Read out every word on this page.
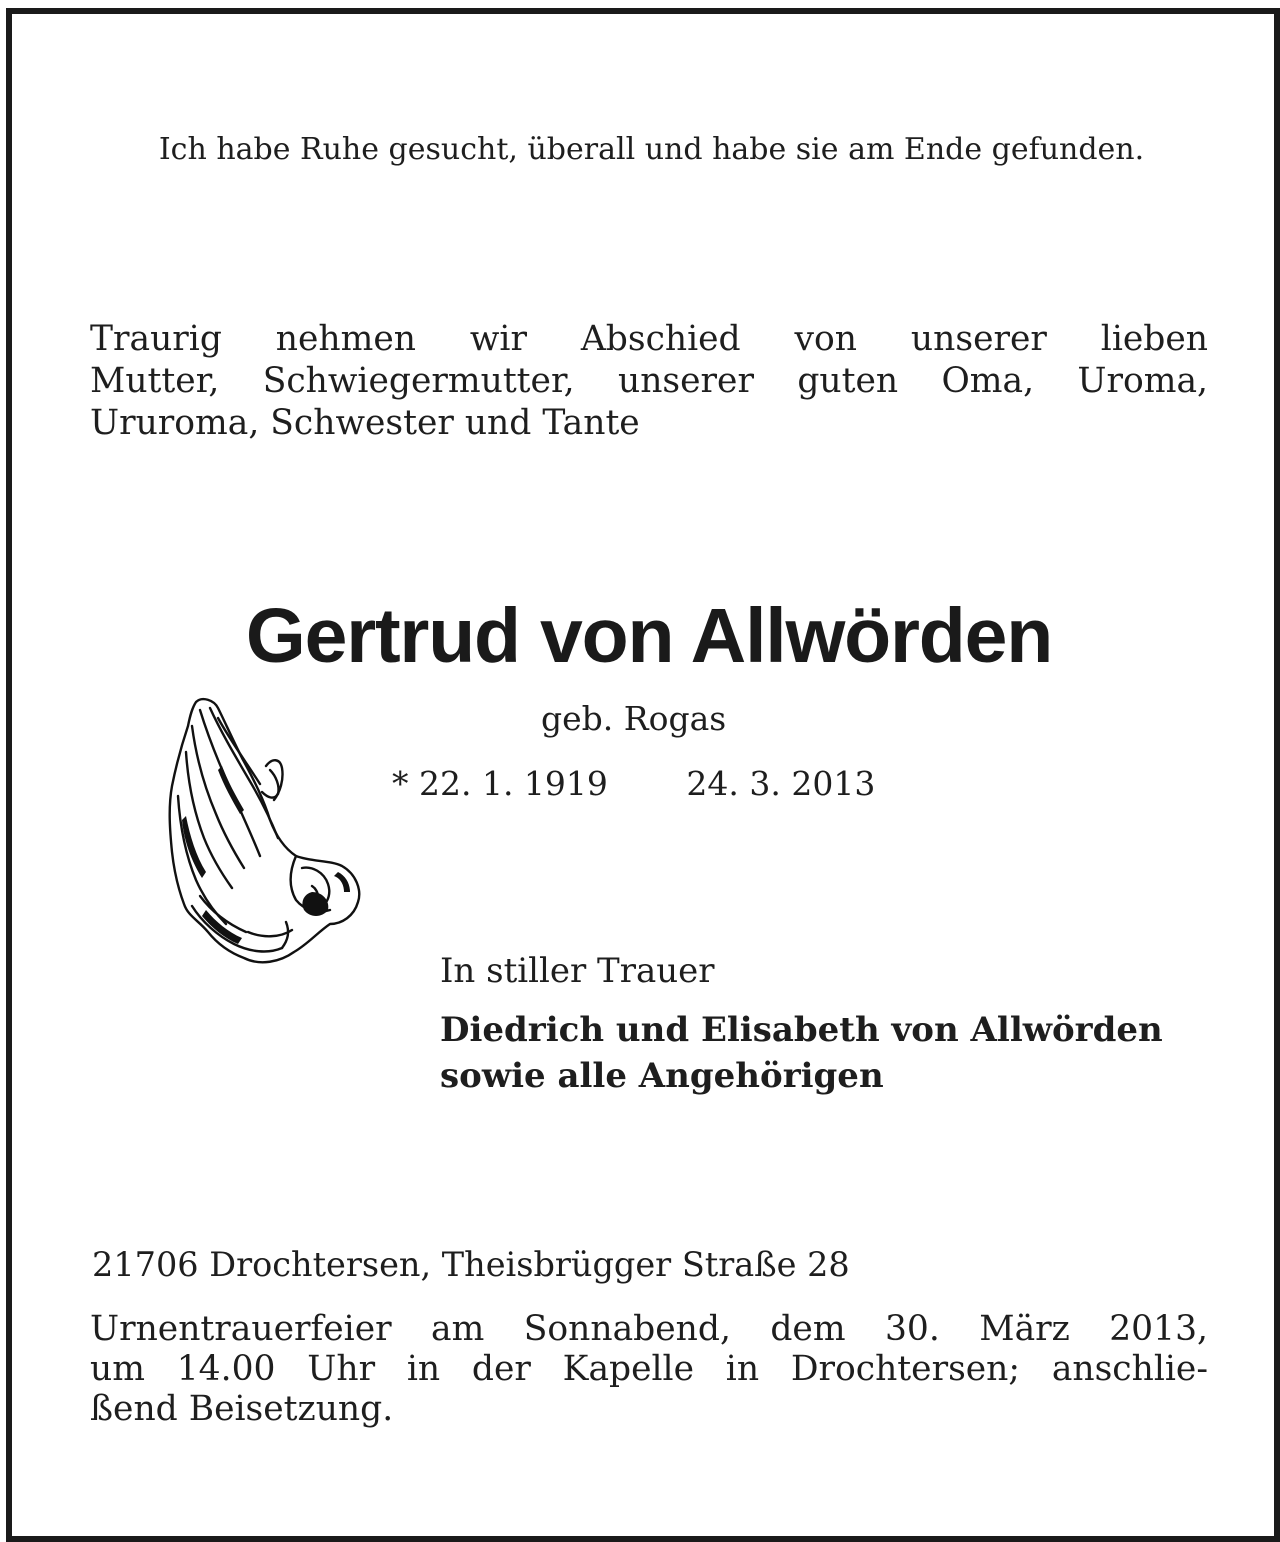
Ich habe Ruhe gesucht, überall und habe sie am Ende gefunden.
Traurig nehmen wir Abschied von unserer lieben
Mutter, Schwiegermutter, unserer guten Oma, Uroma,
Ururoma, Schwester und Tante
Gertrud von Allwörden
geb. Rogas
* 22. 1. 1919 24. 3. 2013
In stiller Trauer
Diedrich und Elisabeth von Allwörden
sowie alle Angehörigen
21706 Drochtersen, Theisbrügger Straße 28
Urnentrauerfeier am Sonnabend, dem 30. März 2013,
um 14.00 Uhr in der Kapelle in Drochtersen; anschlie-
ßend Beisetzung.
